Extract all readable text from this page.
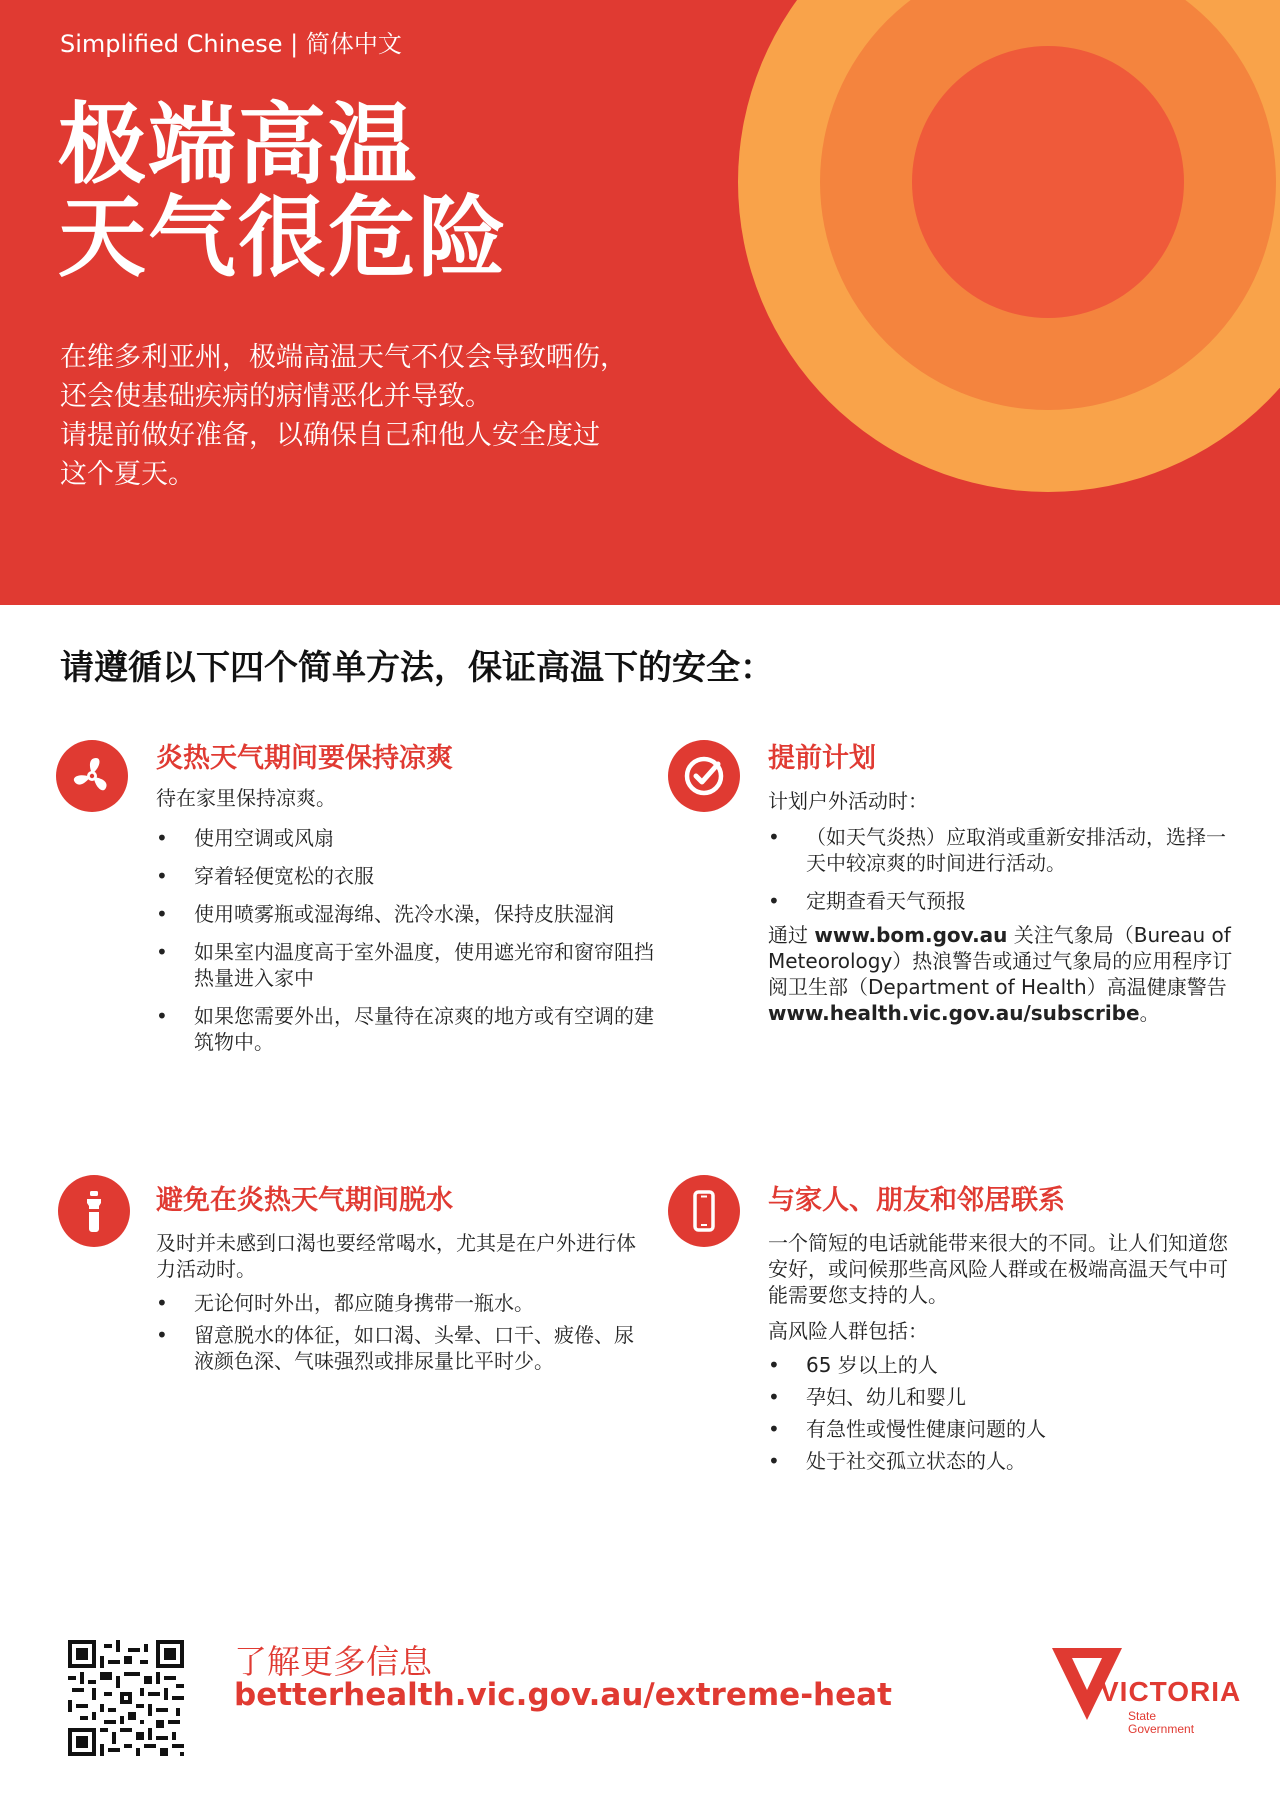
Simplified Chinese | 简体中文
极端高温
天气很危险

在维多利亚州，极端高温天气不仅会导致晒伤，

还会使基础疾病的病情恶化并导致。

请提前做好准备，以确保自己和他人安全度过

这个夏天。

请遵循以下四个简单方法，保证高温下的安全：
炎热天气期间要保持凉爽

待在家里保持凉爽。

• 使用空调或风扇
• 穿着轻便宽松的衣服
• 使用喷雾瓶或湿海绵、洗冷水澡，保持皮肤湿润
• 如果室内温度高于室外温度，使用遮光帘和窗帘阻挡热量进入家中
• 如果您需要外出，尽量待在凉爽的地方或有空调的建筑物中。
提前计划

计划户外活动时：

• （如天气炎热）应取消或重新安排活动，选择一天中较凉爽的时间进行活动。
• 定期查看天气预报

通过 www.bom.gov.au 关注气象局（Bureau of Meteorology）热浪警告或通过气象局的应用程序订阅卫生部（Department of Health）高温健康警告 www.health.vic.gov.au/subscribe。

避免在炎热天气期间脱水

及时并未感到口渴也要经常喝水，尤其是在户外进行体力活动时。

• 无论何时外出，都应随身携带一瓶水。
• 留意脱水的体征，如口渴、头晕、口干、疲倦、尿液颜色深、气味强烈或排尿量比平时少。
与家人、朋友和邻居联系

一个简短的电话就能带来很大的不同。让人们知道您安好，或问候那些高风险人群或在极端高温天气中可能需要您支持的人。

高风险人群包括：

• 65 岁以上的人
• 孕妇、幼儿和婴儿
• 有急性或慢性健康问题的人
• 处于社交孤立状态的人。

了解更多信息

betterhealth.vic.gov.au/extreme-heat	VICTORIA
State
Government
